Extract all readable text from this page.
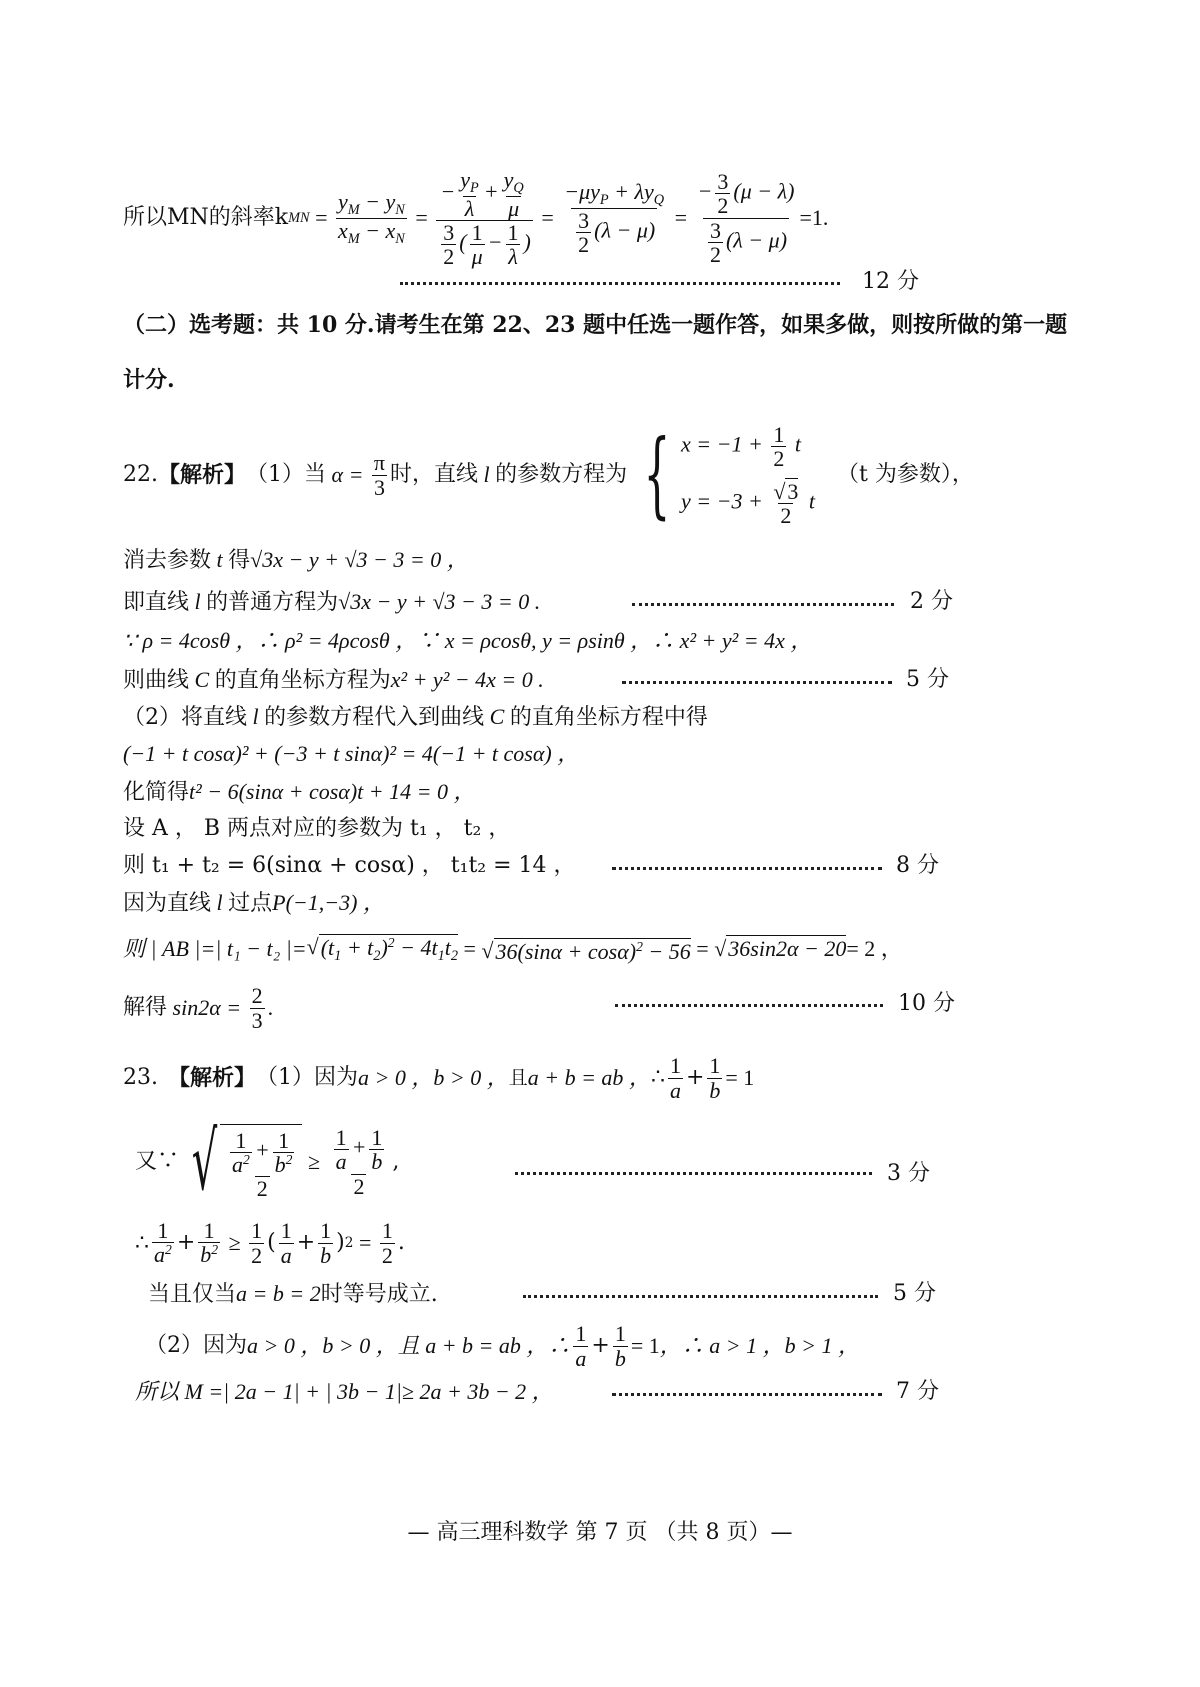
所以MN的斜率k MN = $\frac{y_M - y_N}{x_M - x_N} = \frac{- \frac{y_P}{\lambda} + \frac{y_Q}{\mu}}{\frac{3}{2} ( \frac{1}{\mu} - \frac{1}{\lambda} )} = \frac{-\mu y_P + \lambda y_Q}{\frac{3}{2} (\lambda - \mu)} = \frac{- \frac{3}{2} (\mu - \lambda)}{\frac{3}{2} (\lambda - \mu)} =1$.
12 分
（二）选考题：共 10 分.请考生在第 22、23 题中任选一题作答，如果多做，则按所做的第一题
计分.
22. 【解析】 （1）当 $\alpha = \frac{\pi}{3}$ 时，直线 l 的参数方程为 { $x = -1 + \frac{1}{2}$ t
$y = -3 + \frac{√3}{2}$ t
（t 为参数），
消去参数 t 得√3x − y + √3 − 3 = 0 ，
即直线 l 的普通方程为√3x − y + √3 − 3 = 0 .	2 分
∵ ρ = 4cosθ ，∴ ρ² = 4ρcosθ ，∵ x = ρcosθ, y = ρsinθ ，∴ x² + y² = 4x ，
则曲线 C 的直角坐标方程为x² + y² − 4x = 0 .	5 分
（2）将直线 l 的参数方程代入到曲线 C 的直角坐标方程中得
(−1 + t cosα)² + (−3 + t sinα)² = 4(−1 + t cosα) ，
化简得t² − 6(sinα + cosα)t + 14 = 0 ，
设 A ， B 两点对应的参数为 t₁ ， t₂ ，
则 t₁ + t₂ = 6(sinα + cosα) ， t₁t₂ = 14 ，	8 分
因为直线 l 过点P(−1,−3) ，
则 | AB |=| t₁ − t₂ |= $√(t_1 + t_2)^2 - 4t_1t_2 = √36(\sin\alpha + \cos\alpha)^2 - 56 = √36\sin 2\alpha - 20 = 2$ ，
解得 $\sin 2\alpha = \frac{2}{3}$ .	10 分
23. 【解析】 （1）因为 a > 0 ，b > 0 ， 且 a + b = ab ， ∴ $\frac{1}{a} + \frac{1}{b} = 1$
又∵ √ $\frac{\frac{1}{a^2} + \frac{1}{b^2}}{2} \ge \frac{\frac{1}{a} + \frac{1}{b}}{2}$ ,	3 分
∴ $\frac{1}{a^2} + \frac{1}{b^2} \ge \frac{1}{2}$ ( $\frac{1}{a} + \frac{1}{b}$ ) $2 = \frac{1}{2}$ .
当且仅当a = b = 2时等号成立.	5 分
（2）因为 a > 0 ，b > 0 ，且 a + b = ab ，∴ $\frac{1}{a} + \frac{1}{b} = 1$ ，∴ a > 1 ，b > 1 ，
所以 M =| 2a − 1| + | 3b − 1|≥ 2a + 3b − 2 ，	7 分
— 高三理科数学 第 7 页 （共 8 页）—
